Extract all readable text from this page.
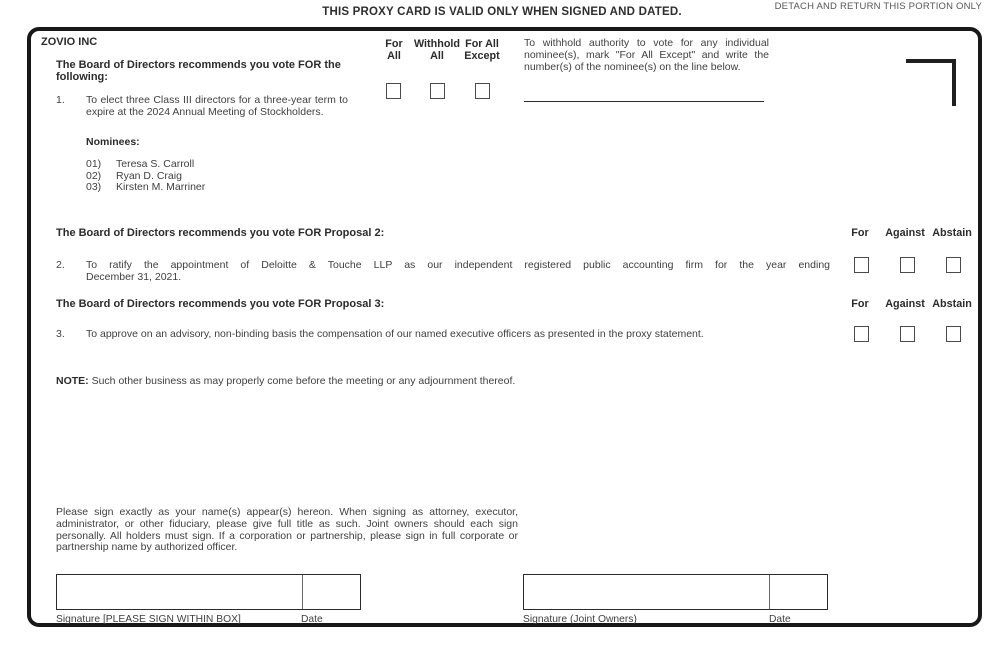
THIS PROXY CARD IS VALID ONLY WHEN SIGNED AND DATED.	DETACH AND RETURN THIS PORTION ONLY
ZOVIO INC
The Board of Directors recommends you vote FOR the following:
1. To elect three Class III directors for a three-year term to expire at the 2024 Annual Meeting of Stockholders.
Nominees:
01) Teresa S. Carroll
02) Ryan D. Craig
03) Kirsten M. Marriner
For
All
Withhold
All
For All
Except
To withhold authority to vote for any individual nominee(s), mark "For All Except" and write the number(s) of the nominee(s) on the line below.
The Board of Directors recommends you vote FOR Proposal 2:	For	Against Abstain
2. To ratify the appointment of Deloitte & Touche LLP as our independent registered public accounting firm for the year ending
December 31, 2021.
The Board of Directors recommends you vote FOR Proposal 3:	For	Against Abstain
3. To approve on an advisory, non-binding basis the compensation of our named executive officers as presented in the proxy statement.
NOTE: Such other business as may properly come before the meeting or any adjournment thereof.
Please sign exactly as your name(s) appear(s) hereon. When signing as attorney, executor, administrator, or other fiduciary, please give full title as such. Joint owners should each sign personally. All holders must sign. If a corporation or partnership, please sign in full corporate or partnership name by authorized officer.
Signature [PLEASE SIGN WITHIN BOX]	Date	Signature (Joint Owners)	Date
